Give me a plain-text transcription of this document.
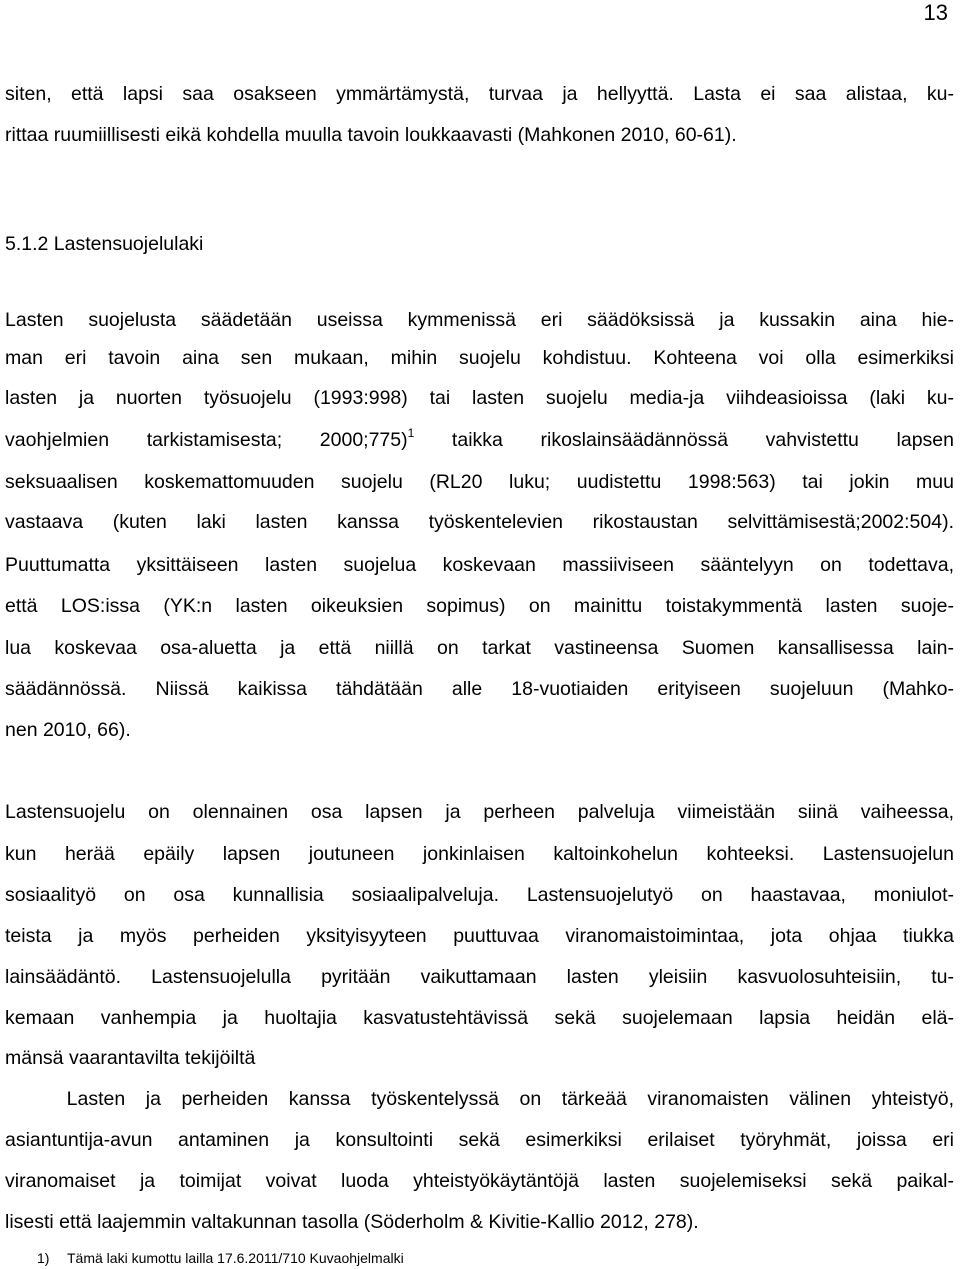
13
siten, että lapsi saa osakseen ymmärtämystä, turvaa ja hellyyttä. Lasta ei saa alistaa, ku-
rittaa ruumiillisesti eikä kohdella muulla tavoin loukkaavasti (Mahkonen 2010, 60-61).
5.1.2 Lastensuojelulaki
Lasten suojelusta säädetään useissa kymmenissä eri säädöksissä ja kussakin aina hie-
man eri tavoin aina sen mukaan, mihin suojelu kohdistuu. Kohteena voi olla esimerkiksi
lasten ja nuorten työsuojelu (1993:998) tai lasten suojelu media-ja viihdeasioissa (laki ku-
vaohjelmien tarkistamisesta; 2000;775)$^1$ taikka rikoslainsäädännössä vahvistettu lapsen
seksuaalisen koskemattomuuden suojelu (RL20 luku; uudistettu 1998:563) tai jokin muu
vastaava (kuten laki lasten kanssa työskentelevien rikostaustan selvittämisestä;2002:504).
Puuttumatta yksittäiseen lasten suojelua koskevaan massiiviseen sääntelyyn on todettava,
että LOS:issa (YK:n lasten oikeuksien sopimus) on mainittu toistakymmentä lasten suoje-
lua koskevaa osa-aluetta ja että niillä on tarkat vastineensa Suomen kansallisessa lain-
säädännössä. Niissä kaikissa tähdätään alle 18-vuotiaiden erityiseen suojeluun (Mahko-
nen 2010, 66).
Lastensuojelu on olennainen osa lapsen ja perheen palveluja viimeistään siinä vaiheessa,
kun herää epäily lapsen joutuneen jonkinlaisen kaltoinkohelun kohteeksi. Lastensuojelun
sosiaalityö on osa kunnallisia sosiaalipalveluja. Lastensuojelutyö on haastavaa, moniulot-
teista ja myös perheiden yksityisyyteen puuttuvaa viranomaistoimintaa, jota ohjaa tiukka
lainsäädäntö. Lastensuojelulla pyritään vaikuttamaan lasten yleisiin kasvuolosuhteisiin, tu-
kemaan vanhempia ja huoltajia kasvatustehtävissä sekä suojelemaan lapsia heidän elä-
mänsä vaarantavilta tekijöiltä
Lasten ja perheiden kanssa työskentelyssä on tärkeää viranomaisten välinen yhteistyö,
asiantuntija-avun antaminen ja konsultointi sekä esimerkiksi erilaiset työryhmät, joissa eri
viranomaiset ja toimijat voivat luoda yhteistyökäytäntöjä lasten suojelemiseksi sekä paikal-
lisesti että laajemmin valtakunnan tasolla (Söderholm & Kivitie-Kallio 2012, 278).
1) Tämä laki kumottu lailla 17.6.2011/710 Kuvaohjelmalki
